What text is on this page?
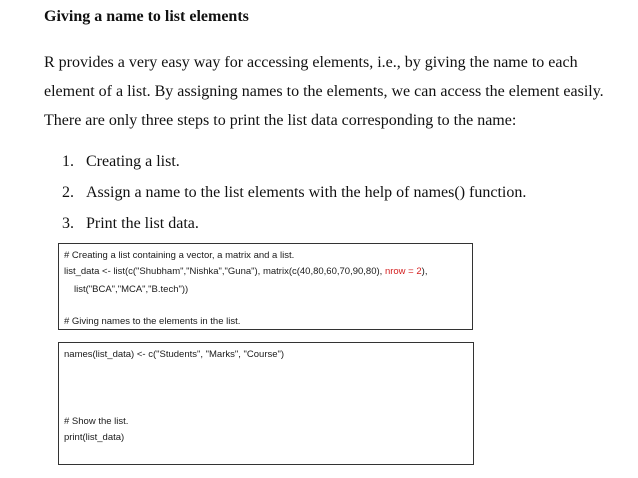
Giving a name to list elements

R provides a very easy way for accessing elements, i.e., by giving the name to each element of a list. By assigning names to the elements, we can access the element easily. There are only three steps to print the list data corresponding to the name:

1. Creating a list.
2. Assign a name to the list elements with the help of names() function.
3. Print the list data.
# Creating a list containing a vector, a matrix and a list.
list_data <- list(c("Shubham","Nishka","Guna"), matrix(c(40,80,60,70,90,80), nrow = 2),
list("BCA","MCA","B.tech"))
# Giving names to the elements in the list.
names(list_data) <- c("Students", "Marks", "Course")
# Show the list.
print(list_data)
